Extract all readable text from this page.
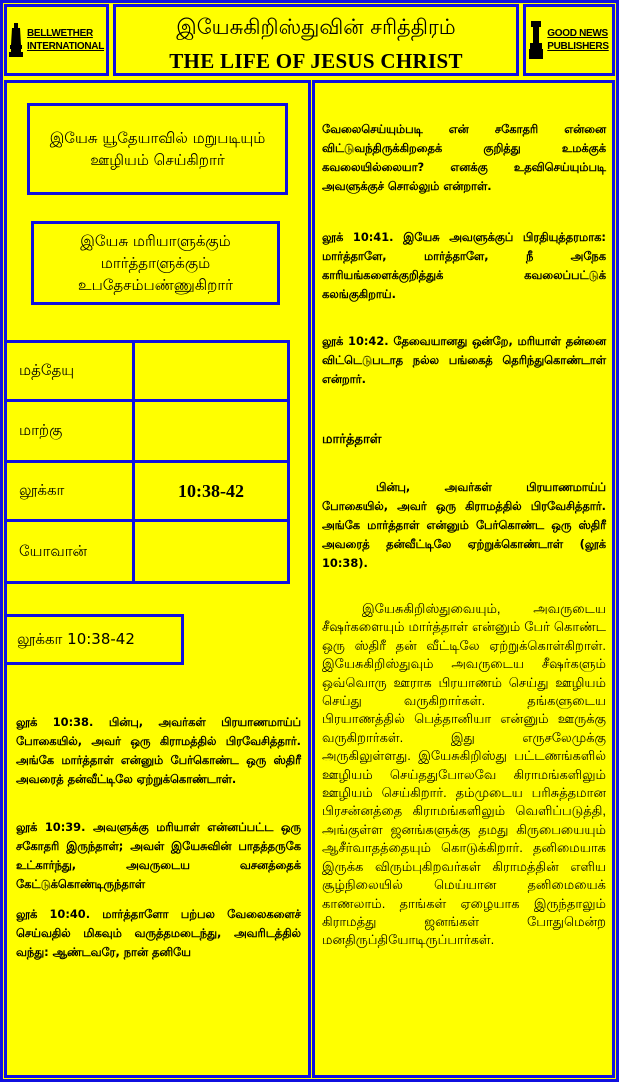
BELLWETHER
INTERNATIONAL
இயேசுகிறிஸ்துவின் சரித்திரம்
THE LIFE OF JESUS CHRIST
GOOD NEWS
PUBLISHERS
இயேசு யூதேயாவில் மறுபடியும் ஊழியம் செய்கிறார்
இயேசு மரியாளுக்கும் மார்த்தாளுக்கும் உபதேசம்பண்ணுகிறார்
மத்தேயு
மாற்கு
லூக்கா	10:38-42
யோவான்
லூக்கா 10:38-42
லூக் 10:38. பின்பு, அவர்கள் பிரயாணமாய்ப் போகையில், அவர் ஒரு கிராமத்தில் பிரவேசித்தார். அங்கே மார்த்தாள் என்னும் பேர்கொண்ட ஒரு ஸ்திரீ அவரைத் தன்வீட்டிலே ஏற்றுக்கொண்டாள்.
லூக் 10:39. அவளுக்கு மரியாள் என்னப்பட்ட ஒரு சகோதரி இருந்தாள்; அவள் இயேசுவின் பாதத்தருகே உட்கார்ந்து, அவருடைய வசனத்தைக் கேட்டுக்கொண்டிருந்தாள்
லூக் 10:40. மார்த்தாளோ பற்பல வேலைகளைச் செய்வதில் மிகவும் வருத்தமடைந்து, அவரிடத்தில் வந்து: ஆண்டவரே, நான் தனியே
வேலைசெய்யும்படி என் சகோதரி என்னை விட்டுவந்திருக்கிறதைக் குறித்து உமக்குக் கவலையில்லையா? எனக்கு உதவிசெய்யும்படி அவளுக்குச் சொல்லும் என்றாள்.
லூக் 10:41. இயேசு அவளுக்குப் பிரதியுத்தரமாக: மார்த்தாளே, மார்த்தாளே, நீ அநேக காரியங்களைக்குறித்துக் கவலைப்பட்டுக் கலங்குகிறாய்.
லூக் 10:42. தேவையானது ஒன்றே, மரியாள் தன்னை விட்டெடுபடாத நல்ல பங்கைத் தெரிந்துகொண்டாள் என்றார்.
மார்த்தாள்
பின்பு, அவர்கள் பிரயாணமாய்ப் போகையில், அவர் ஒரு கிராமத்தில் பிரவேசித்தார். அங்கே மார்த்தாள் என்னும் பேர்கொண்ட ஒரு ஸ்திரீ அவரைத் தன்வீட்டிலே ஏற்றுக்கொண்டாள் (லூக் 10:38).
இயேசுகிறிஸ்துவையும், அவருடைய சீஷர்களையும் மார்த்தாள் என்னும் பேர் கொண்ட ஒரு ஸ்திரீ தன் வீட்டிலே ஏற்றுக்கொள்கிறாள். இயேசுகிறிஸ்துவும் அவருடைய சீஷர்களும் ஒவ்வொரு ஊராக பிரயாணம் செய்து ஊழியம் செய்து வருகிறார்கள். தங்களுடைய பிரயாணத்தில் பெத்தானியா என்னும் ஊருக்கு வருகிறார்கள். இது எருசலேமுக்கு அருகிலுள்ளது. இயேசுகிறிஸ்து பட்டணங்களில் ஊழியம் செய்ததுபோலவே கிராமங்களிலும் ஊழியம் செய்கிறார். தம்முடைய பரிசுத்தமான பிரசன்னத்தை கிராமங்களிலும் வெளிப்படுத்தி, அங்குள்ள ஜனங்களுக்கு தமது கிருபையையும் ஆசீர்வாதத்தையும் கொடுக்கிறார். தனிமையாக இருக்க விரும்புகிறவர்கள் கிராமத்தின் எளிய சூழ்நிலையில் மெய்யான தனிமையைக் காணலாம். தாங்கள் ஏழையாக இருந்தாலும் கிராமத்து ஜனங்கள் போதுமென்ற மனதிருப்தியோடிருப்பார்கள்.
